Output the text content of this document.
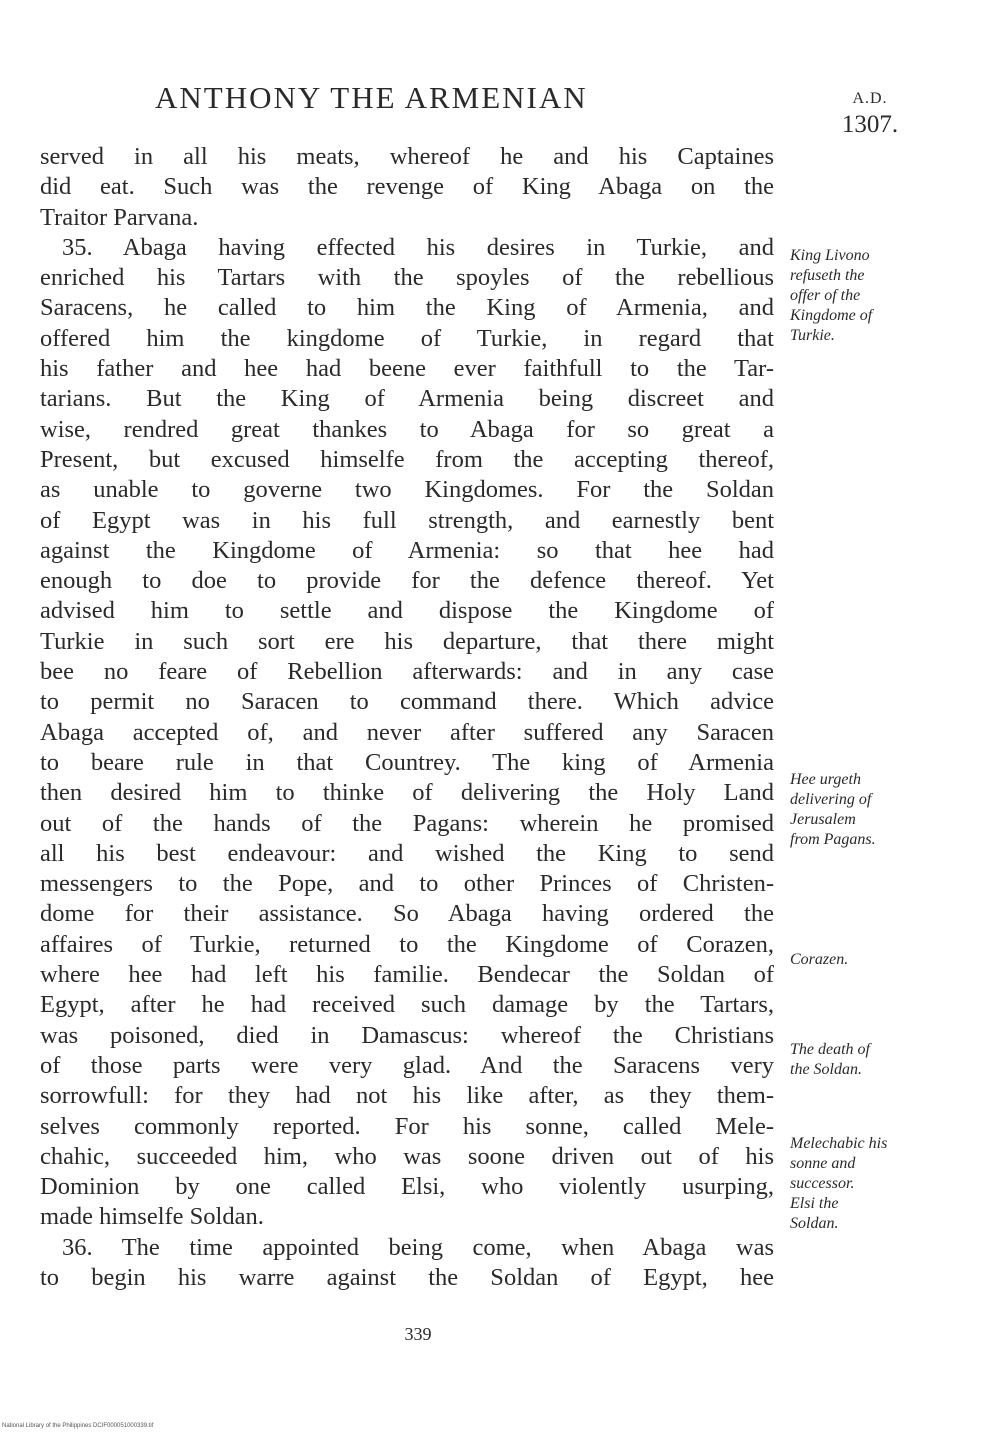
ANTHONY THE ARMENIAN	A.D.
1307.
served in all his meats, whereof he and his Captaines
did eat. Such was the revenge of King Abaga on the
Traitor Parvana.
35. Abaga having effected his desires in Turkie, and
enriched his Tartars with the spoyles of the rebellious
Saracens, he called to him the King of Armenia, and
offered him the kingdome of Turkie, in regard that
his father and hee had beene ever faithfull to the Tar-
tarians. But the King of Armenia being discreet and
wise, rendred great thankes to Abaga for so great a
Present, but excused himselfe from the accepting thereof,
as unable to governe two Kingdomes. For the Soldan
of Egypt was in his full strength, and earnestly bent
against the Kingdome of Armenia: so that hee had
enough to doe to provide for the defence thereof. Yet
advised him to settle and dispose the Kingdome of
Turkie in such sort ere his departure, that there might
bee no feare of Rebellion afterwards: and in any case
to permit no Saracen to command there. Which advice
Abaga accepted of, and never after suffered any Saracen
to beare rule in that Countrey. The king of Armenia
then desired him to thinke of delivering the Holy Land
out of the hands of the Pagans: wherein he promised
all his best endeavour: and wished the King to send
messengers to the Pope, and to other Princes of Christen-
dome for their assistance. So Abaga having ordered the
affaires of Turkie, returned to the Kingdome of Corazen,
where hee had left his familie. Bendecar the Soldan of
Egypt, after he had received such damage by the Tartars,
was poisoned, died in Damascus: whereof the Christians
of those parts were very glad. And the Saracens very
sorrowfull: for they had not his like after, as they them-
selves commonly reported. For his sonne, called Mele-
chahic, succeeded him, who was soone driven out of his
Dominion by one called Elsi, who violently usurping,
made himselfe Soldan.
36. The time appointed being come, when Abaga was
to begin his warre against the Soldan of Egypt, hee
King Livono
refuseth the
offer of the
Kingdome of
Turkie.
Hee urgeth
delivering of
Jerusalem
from Pagans.
Corazen.
The death of
the Soldan.
Melechabic his
sonne and
successor.
Elsi the
Soldan.
339
National Library of the Philippines DCIF000051000339.tif
